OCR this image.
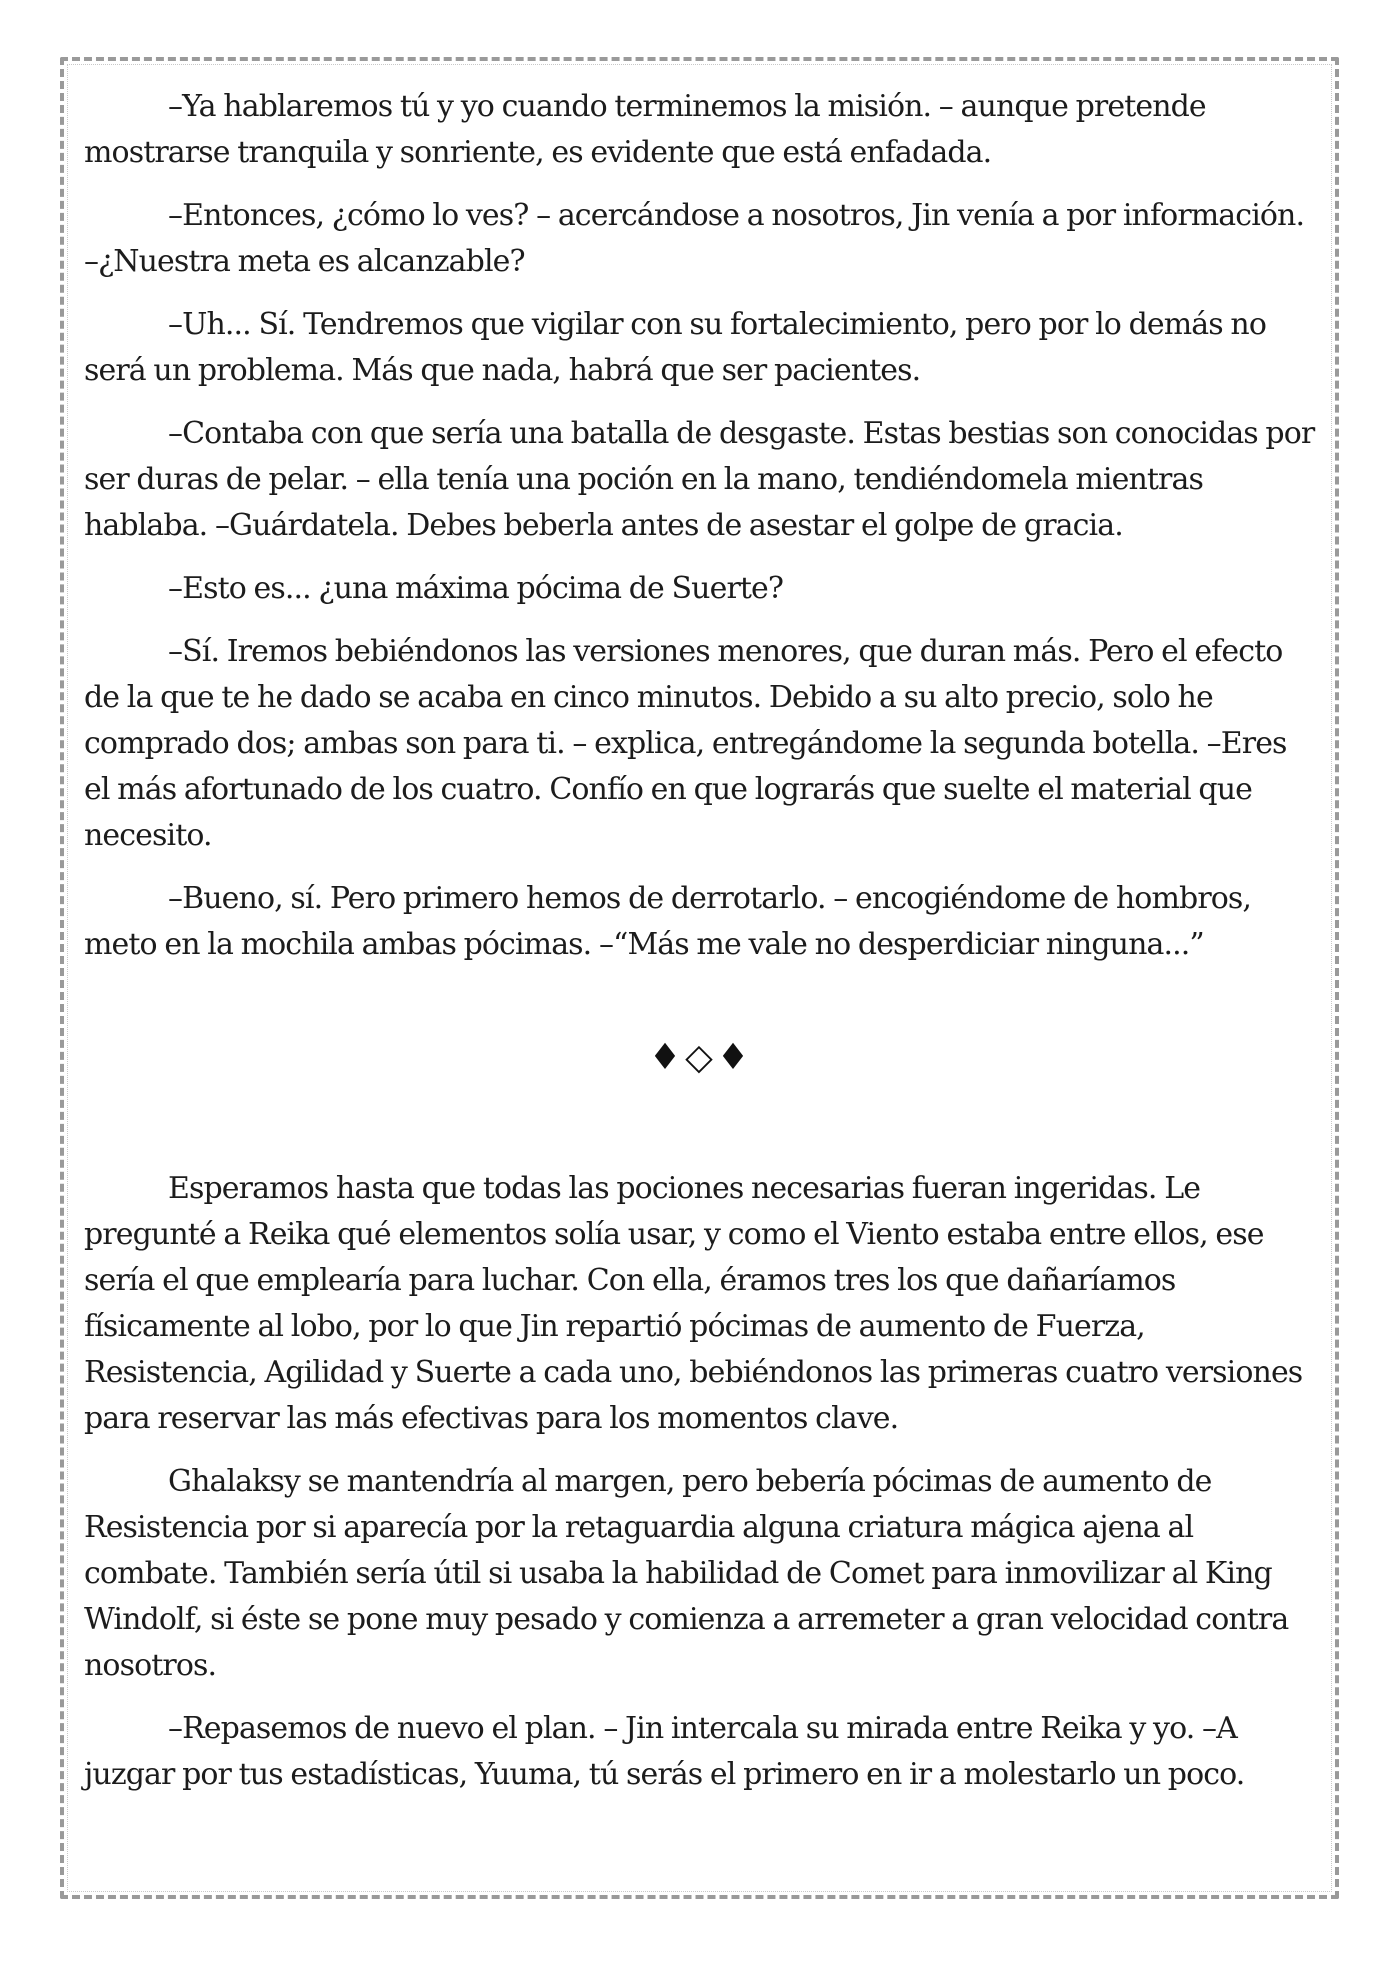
–Ya hablaremos tú y yo cuando terminemos la misión. – aunque pretende mostrarse tranquila y sonriente, es evidente que está enfadada.

–Entonces, ¿cómo lo ves? – acercándose a nosotros, Jin venía a por información. –¿Nuestra meta es alcanzable?

–Uh... Sí. Tendremos que vigilar con su fortalecimiento, pero por lo demás no será un problema. Más que nada, habrá que ser pacientes.

–Contaba con que sería una batalla de desgaste. Estas bestias son conocidas por ser duras de pelar. – ella tenía una poción en la mano, tendiéndomela mientras hablaba. –Guárdatela. Debes beberla antes de asestar el golpe de gracia.

–Esto es... ¿una máxima pócima de Suerte?

–Sí. Iremos bebiéndonos las versiones menores, que duran más. Pero el efecto de la que te he dado se acaba en cinco minutos. Debido a su alto precio, solo he comprado dos; ambas son para ti. – explica, entregándome la segunda botella. –Eres el más afortunado de los cuatro. Confío en que lograrás que suelte el material que necesito.

–Bueno, sí. Pero primero hemos de derrotarlo. – encogiéndome de hombros, meto en la mochila ambas pócimas. –“Más me vale no desperdiciar ninguna...”

♦◇♦

Esperamos hasta que todas las pociones necesarias fueran ingeridas. Le pregunté a Reika qué elementos solía usar, y como el Viento estaba entre ellos, ese sería el que emplearía para luchar. Con ella, éramos tres los que dañaríamos físicamente al lobo, por lo que Jin repartió pócimas de aumento de Fuerza, Resistencia, Agilidad y Suerte a cada uno, bebiéndonos las primeras cuatro versiones para reservar las más efectivas para los momentos clave.

Ghalaksy se mantendría al margen, pero bebería pócimas de aumento de Resistencia por si aparecía por la retaguardia alguna criatura mágica ajena al combate. También sería útil si usaba la habilidad de Comet para inmovilizar al King Windolf, si éste se pone muy pesado y comienza a arremeter a gran velocidad contra nosotros.

–Repasemos de nuevo el plan. – Jin intercala su mirada entre Reika y yo. –A juzgar por tus estadísticas, Yuuma, tú serás el primero en ir a molestarlo un poco.
